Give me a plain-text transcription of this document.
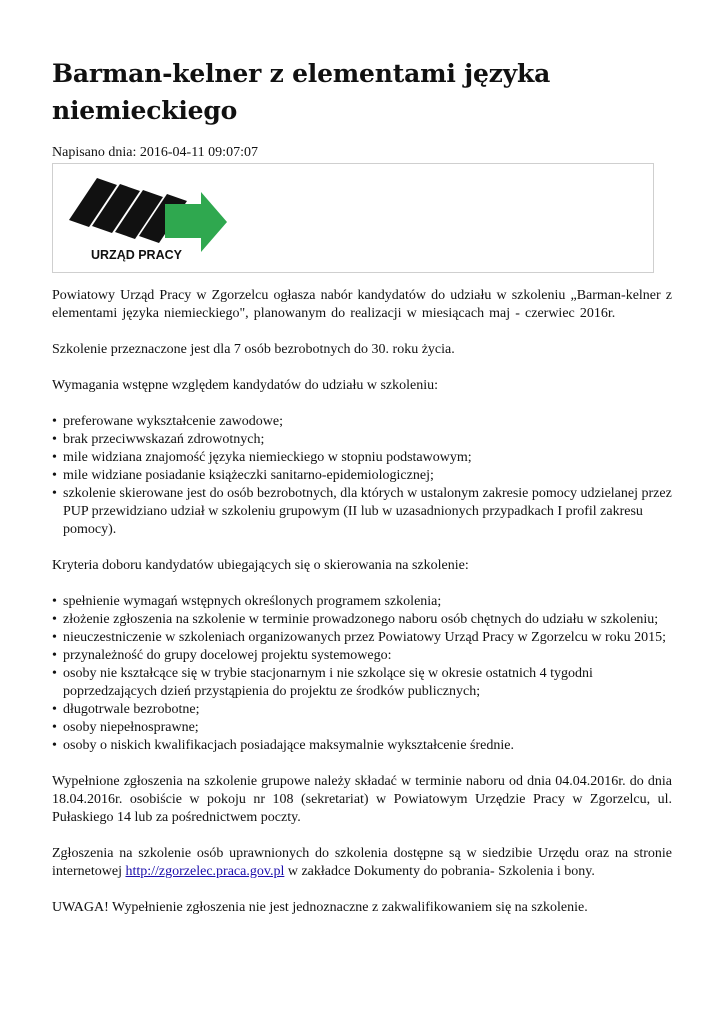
Barman-kelner z elementami języka niemieckiego
Napisano dnia: 2016-04-11 09:07:07
URZĄD PRACY

Powiatowy Urząd Pracy w Zgorzelcu ogłasza nabór kandydatów do udziału w szkoleniu „Barman-kelner z elementami języka niemieckiego", planowanym do realizacji w miesiącach maj - czerwiec 2016r.

Szkolenie przeznaczone jest dla 7 osób bezrobotnych do 30. roku życia.

Wymagania wstępne względem kandydatów do udziału w szkoleniu:

• preferowane wykształcenie zawodowe;
• brak przeciwwskazań zdrowotnych;
• mile widziana znajomość języka niemieckiego w stopniu podstawowym;
• mile widziane posiadanie książeczki sanitarno-epidemiologicznej;
• szkolenie skierowane jest do osób bezrobotnych, dla których w ustalonym zakresie pomocy udzielanej przez PUP przewidziano udział w szkoleniu grupowym (II lub w uzasadnionych przypadkach I profil zakresu pomocy).

Kryteria doboru kandydatów ubiegających się o skierowania na szkolenie:

• spełnienie wymagań wstępnych określonych programem szkolenia;
• złożenie zgłoszenia na szkolenie w terminie prowadzonego naboru osób chętnych do udziału w szkoleniu;
• nieuczestniczenie w szkoleniach organizowanych przez Powiatowy Urząd Pracy w Zgorzelcu w roku 2015;
• przynależność do grupy docelowej projektu systemowego:
• osoby nie kształcące się w trybie stacjonarnym i nie szkolące się w okresie ostatnich 4 tygodni poprzedzających dzień przystąpienia do projektu ze środków publicznych;
• długotrwale bezrobotne;
• osoby niepełnosprawne;
• osoby o niskich kwalifikacjach posiadające maksymalnie wykształcenie średnie.

Wypełnione zgłoszenia na szkolenie grupowe należy składać w terminie naboru od dnia 04.04.2016r. do dnia 18.04.2016r. osobiście w pokoju nr 108 (sekretariat) w Powiatowym Urzędzie Pracy w Zgorzelcu, ul. Pułaskiego 14 lub za pośrednictwem poczty.

Zgłoszenia na szkolenie osób uprawnionych do szkolenia dostępne są w siedzibie Urzędu oraz na stronie internetowej http://zgorzelec.praca.gov.pl w zakładce Dokumenty do pobrania- Szkolenia i bony.

UWAGA! Wypełnienie zgłoszenia nie jest jednoznaczne z zakwalifikowaniem się na szkolenie.
